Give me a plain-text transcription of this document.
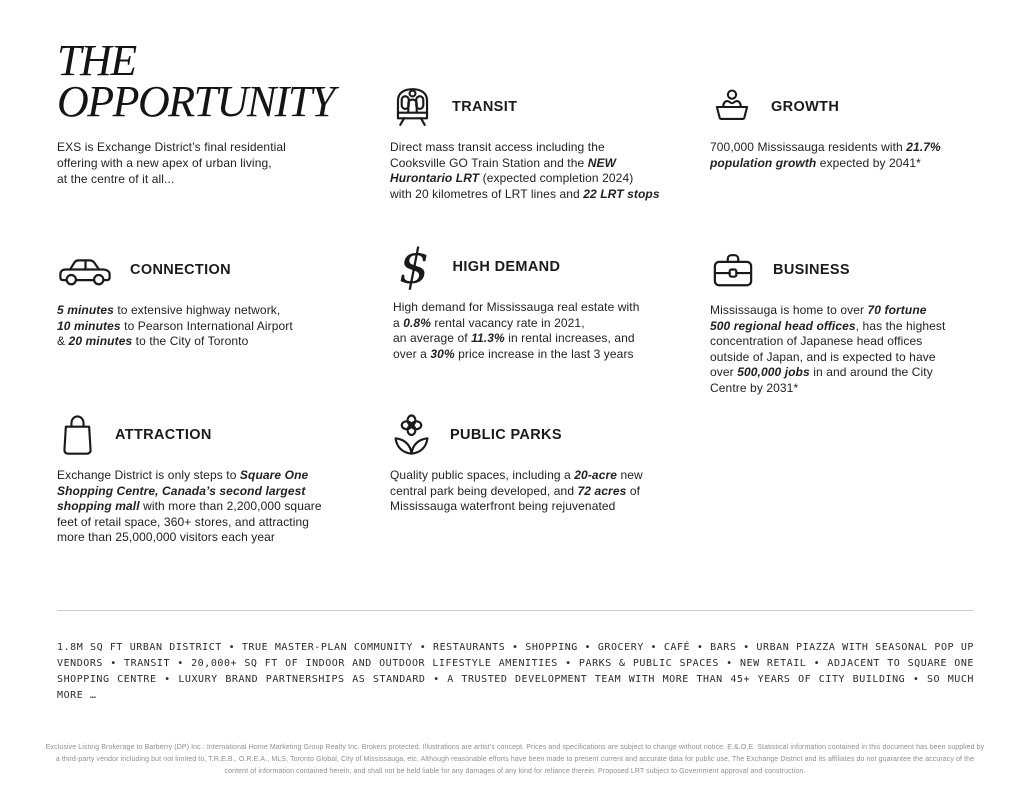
THE
OPPORTUNITY

EXS is Exchange District’s final residential
offering with a new apex of urban living,
at the centre of it all...

TRANSIT

Direct mass transit access including the
Cooksville GO Train Station and the NEW
Hurontario LRT (expected completion 2024)
with 20 kilometres of LRT lines and 22 LRT stops

GROWTH

700,000 Mississauga residents with 21.7%
population growth expected by 2041*

CONNECTION

5 minutes to extensive highway network,
10 minutes to Pearson International Airport
& 20 minutes to the City of Toronto

$	HIGH DEMAND

High demand for Mississauga real estate with
a 0.8% rental vacancy rate in 2021,
an average of 11.3% in rental increases, and
over a 30% price increase in the last 3 years

BUSINESS

Mississauga is home to over 70 fortune
500 regional head offices, has the highest
concentration of Japanese head offices
outside of Japan, and is expected to have
over 500,000 jobs in and around the City
Centre by 2031*

ATTRACTION

Exchange District is only steps to Square One
Shopping Centre, Canada’s second largest
shopping mall with more than 2,200,000 square
feet of retail space, 360+ stores, and attracting
more than 25,000,000 visitors each year

PUBLIC PARKS

Quality public spaces, including a 20-acre new
central park being developed, and 72 acres of
Mississauga waterfront being rejuvenated

1.8M SQ FT URBAN DISTRICT • TRUE MASTER-PLAN COMMUNITY • RESTAURANTS • SHOPPING • GROCERY • CAFÉ • BARS • URBAN PIAZZA WITH SEASONAL POP UP VENDORS • TRANSIT • 20,000+ SQ FT OF INDOOR AND OUTDOOR LIFESTYLE AMENITIES • PARKS & PUBLIC SPACES • NEW RETAIL • ADJACENT TO SQUARE ONE SHOPPING CENTRE • LUXURY BRAND PARTNERSHIPS AS STANDARD • A TRUSTED DEVELOPMENT TEAM WITH MORE THAN 45+ YEARS OF CITY BUILDING • SO MUCH MORE …

Exclusive Listing Brokerage to Barberry (DP) Inc.: International Home Marketing Group Realty Inc. Brokers protected. Illustrations are artist’s concept. Prices and specifications are subject to change without notice. E.&.O.E. Statistical information contained in this document has been supplied by a third-party vendor including but not limited to, T.R.E.B., O.R.E.A., MLS, Toronto Global, City of Mississauga, etc. Although reasonable efforts have been made to present current and accurate data for public use, The Exchange District and its affiliates do not guarantee the accuracy of the content of information contained herein, and shall not be held liable for any damages of any kind for reliance therein. Proposed LRT subject to Government approval and construction.
